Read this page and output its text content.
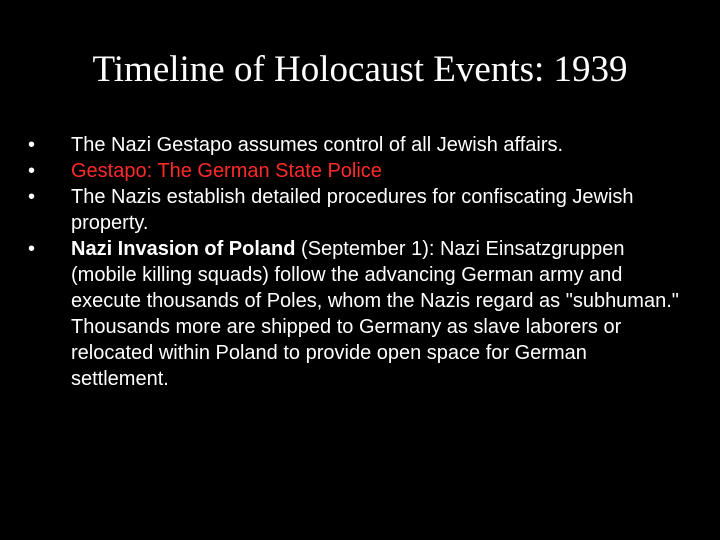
Timeline of Holocaust Events: 1939
• The Nazi Gestapo assumes control of all Jewish affairs.
• Gestapo: The German State Police
• The Nazis establish detailed procedures for confiscating Jewish property.
• Nazi Invasion of Poland (September 1): Nazi Einsatzgruppen (mobile killing squads) follow the advancing German army and execute thousands of Poles, whom the Nazis regard as "subhuman." Thousands more are shipped to Germany as slave laborers or relocated within Poland to provide open space for German settlement.
